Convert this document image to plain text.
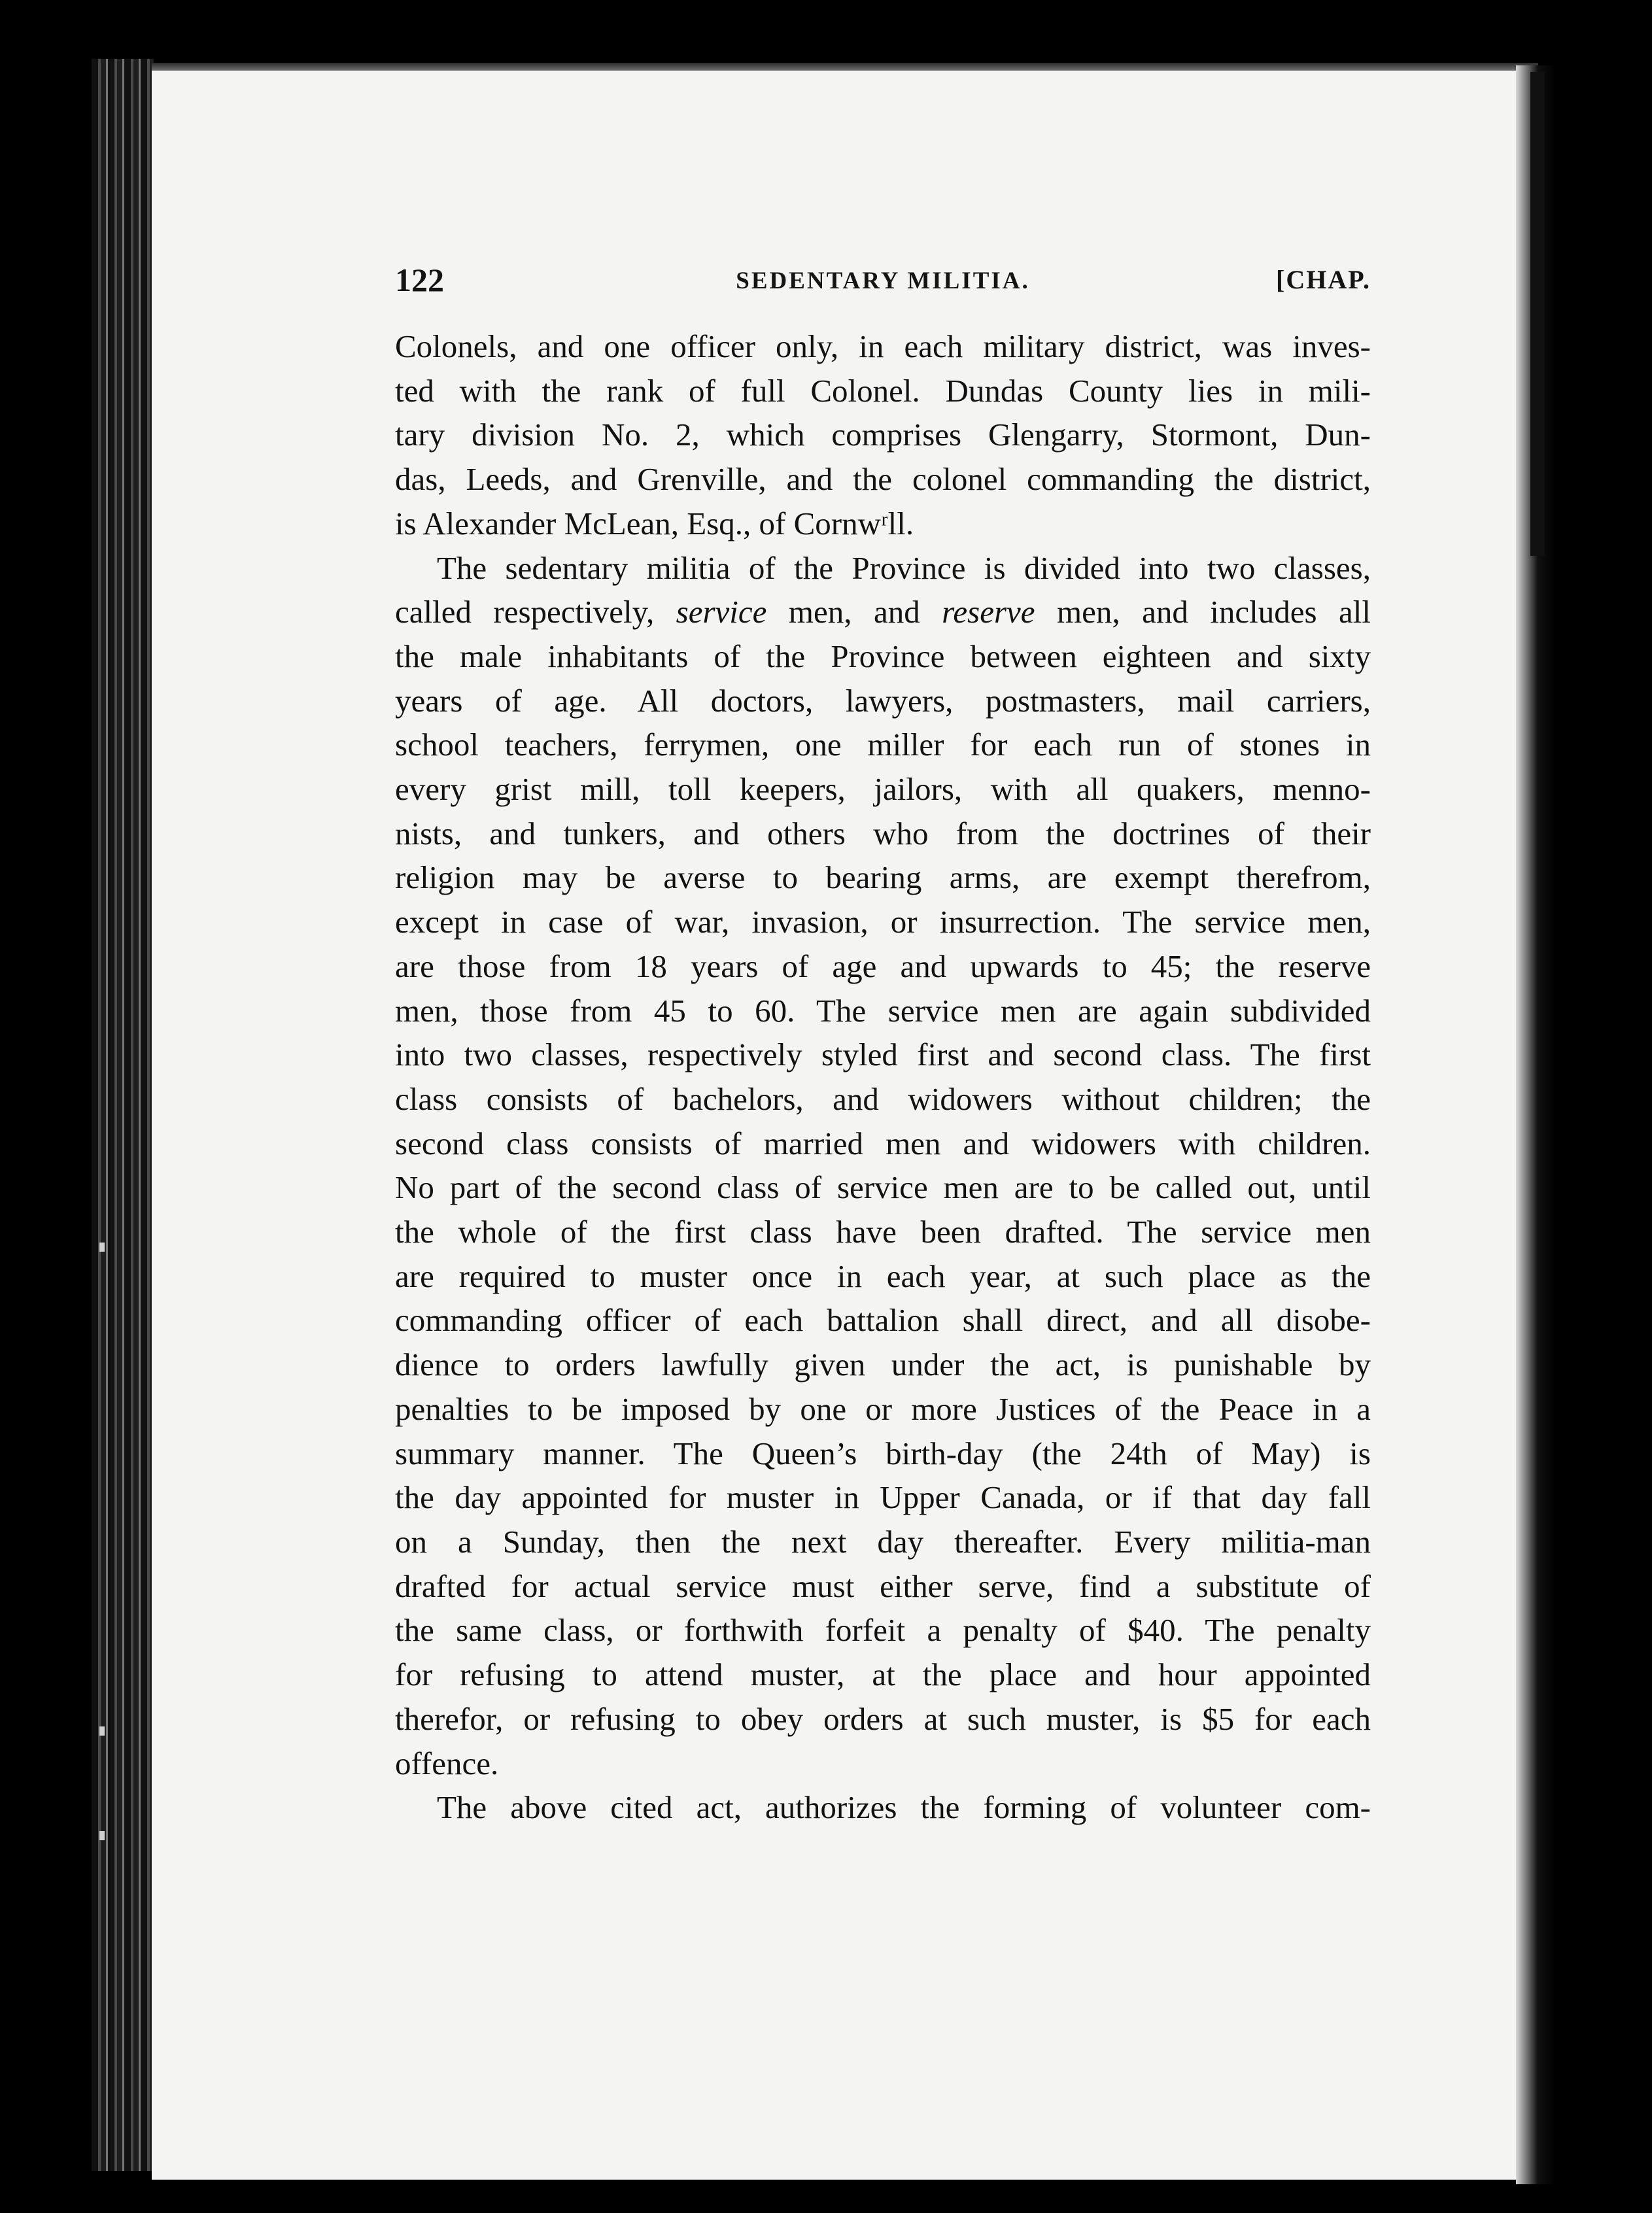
122	SEDENTARY MILITIA.	[CHAP.

Colonels, and one officer only, in each military district, was inves-
ted with the rank of full Colonel. Dundas County lies in mili-
tary division No. 2, which comprises Glengarry, Stormont, Dun-
das, Leeds, and Grenville, and the colonel commanding the district,
is Alexander McLean, Esq., of Cornwʳll.

The sedentary militia of the Province is divided into two classes,
called respectively, service men, and reserve men, and includes all
the male inhabitants of the Province between eighteen and sixty
years of age. All doctors, lawyers, postmasters, mail carriers,
school teachers, ferrymen, one miller for each run of stones in
every grist mill, toll keepers, jailors, with all quakers, menno-
nists, and tunkers, and others who from the doctrines of their
religion may be averse to bearing arms, are exempt therefrom,
except in case of war, invasion, or insurrection. The service men,
are those from 18 years of age and upwards to 45; the reserve
men, those from 45 to 60. The service men are again subdivided
into two classes, respectively styled first and second class. The first
class consists of bachelors, and widowers without children; the
second class consists of married men and widowers with children.
No part of the second class of service men are to be called out, until
the whole of the first class have been drafted. The service men
are required to muster once in each year, at such place as the
commanding officer of each battalion shall direct, and all disobe-
dience to orders lawfully given under the act, is punishable by
penalties to be imposed by one or more Justices of the Peace in a
summary manner. The Queen’s birth-day (the 24th of May) is
the day appointed for muster in Upper Canada, or if that day fall
on a Sunday, then the next day thereafter. Every militia-man
drafted for actual service must either serve, find a substitute of
the same class, or forthwith forfeit a penalty of $40. The penalty
for refusing to attend muster, at the place and hour appointed
therefor, or refusing to obey orders at such muster, is $5 for each
offence.

The above cited act, authorizes the forming of volunteer com-
